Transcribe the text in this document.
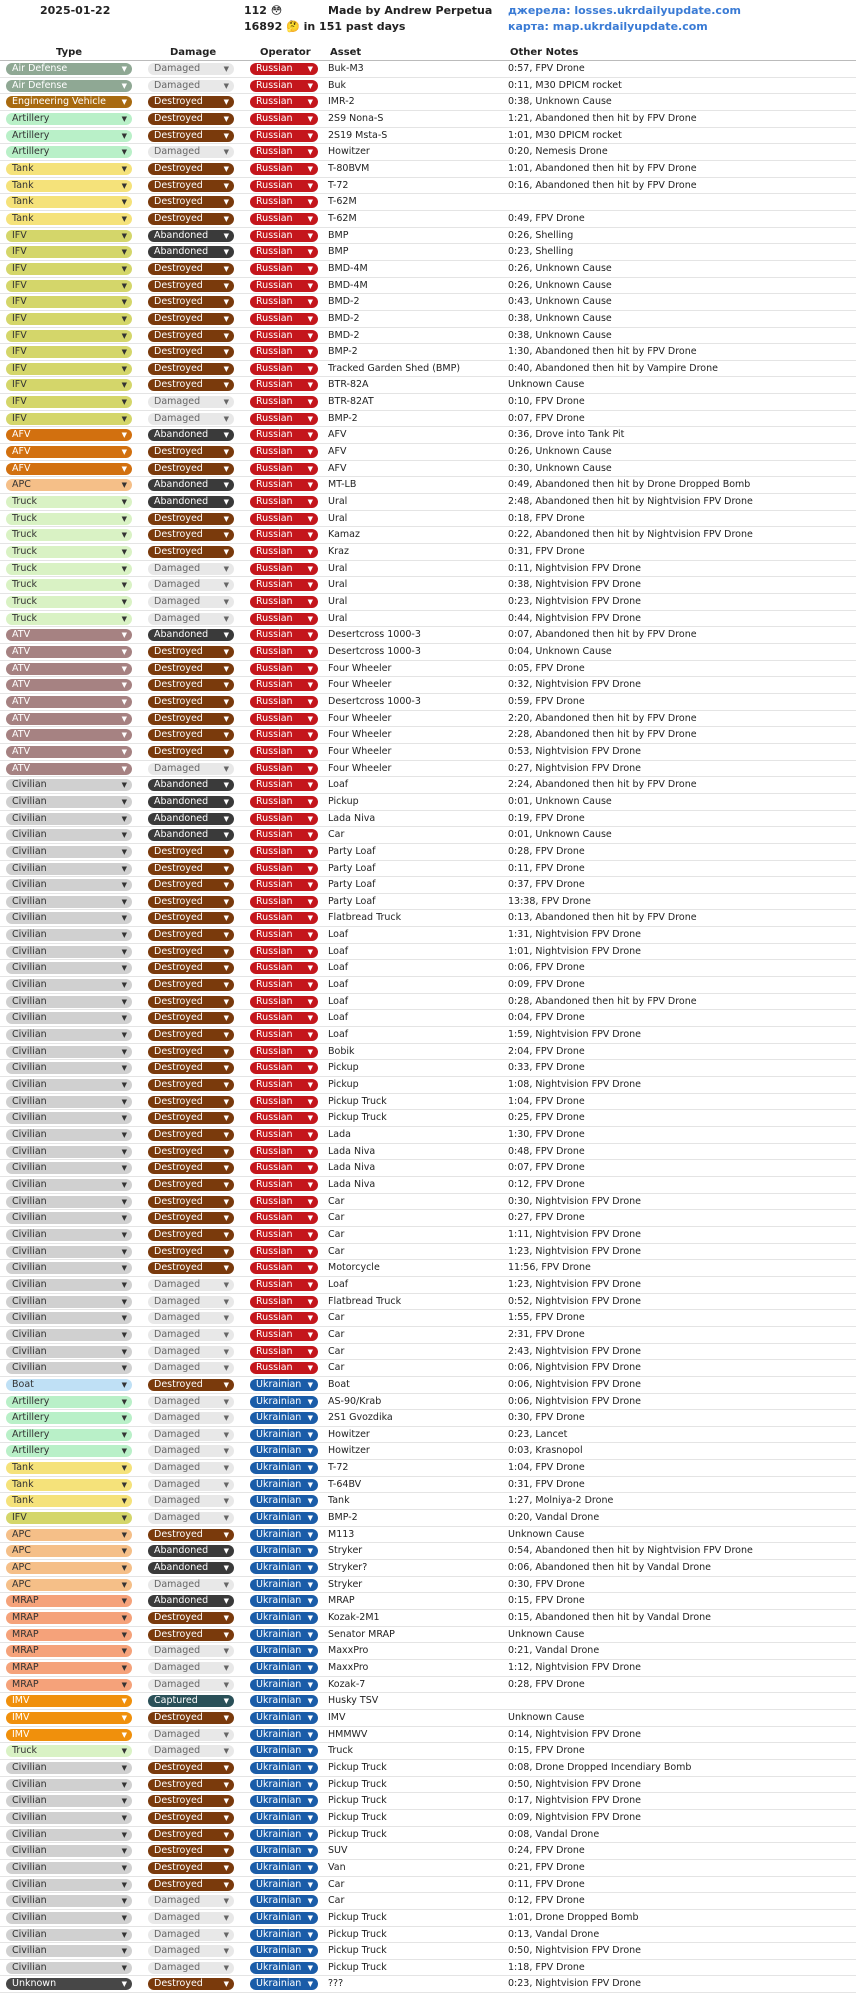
2025-01-22	112 😳
16892 🤔 in 151 past days
Made by Andrew Perpetua джерела: losses.ukrdailyupdate.com
карта: map.ukrdailyupdate.com
Type	Damage	Operator Asset	Other Notes
Air Defense	▼	Damaged	▼	Russian ▼ Buk-M3	0:57, FPV Drone
Air Defense	▼	Damaged	▼	Russian ▼ Buk	0:11, M30 DPICM rocket
Engineering Vehicle ▼	Destroyed	▼	Russian ▼ IMR-2	0:38, Unknown Cause
Artillery	▼	Destroyed	▼	Russian ▼ 2S9 Nona-S	1:21, Abandoned then hit by FPV Drone
Artillery	▼	Destroyed	▼	Russian ▼ 2S19 Msta-S	1:01, M30 DPICM rocket
Artillery	▼	Damaged	▼	Russian ▼ Howitzer	0:20, Nemesis Drone
Tank	▼	Destroyed	▼	Russian ▼ T-80BVM	1:01, Abandoned then hit by FPV Drone
Tank	▼	Destroyed	▼	Russian ▼ T-72	0:16, Abandoned then hit by FPV Drone
Tank	▼	Destroyed	▼	Russian ▼ T-62M
Tank	▼	Destroyed	▼	Russian ▼ T-62M	0:49, FPV Drone
IFV	▼	Abandoned ▼	Russian ▼ BMP	0:26, Shelling
IFV	▼	Abandoned ▼	Russian ▼ BMP	0:23, Shelling
IFV	▼	Destroyed	▼	Russian ▼ BMD-4M	0:26, Unknown Cause
IFV	▼	Destroyed	▼	Russian ▼ BMD-4M	0:26, Unknown Cause
IFV	▼	Destroyed	▼	Russian ▼ BMD-2	0:43, Unknown Cause
IFV	▼	Destroyed	▼	Russian ▼ BMD-2	0:38, Unknown Cause
IFV	▼	Destroyed	▼	Russian ▼ BMD-2	0:38, Unknown Cause
IFV	▼	Destroyed	▼	Russian ▼ BMP-2	1:30, Abandoned then hit by FPV Drone
IFV	▼	Destroyed	▼	Russian ▼ Tracked Garden Shed (BMP)	0:40, Abandoned then hit by Vampire Drone
IFV	▼	Destroyed	▼	Russian ▼ BTR-82A	Unknown Cause
IFV	▼	Damaged	▼	Russian ▼ BTR-82AT	0:10, FPV Drone
IFV	▼	Damaged	▼	Russian ▼ BMP-2	0:07, FPV Drone
AFV	▼	Abandoned ▼	Russian ▼ AFV	0:36, Drove into Tank Pit
AFV	▼	Destroyed	▼	Russian ▼ AFV	0:26, Unknown Cause
AFV	▼	Destroyed	▼	Russian ▼ AFV	0:30, Unknown Cause
APC	▼	Abandoned ▼	Russian ▼ MT-LB	0:49, Abandoned then hit by Drone Dropped Bomb
Truck	▼	Abandoned ▼	Russian ▼ Ural	2:48, Abandoned then hit by Nightvision FPV Drone
Truck	▼	Destroyed	▼	Russian ▼ Ural	0:18, FPV Drone
Truck	▼	Destroyed	▼	Russian ▼ Kamaz	0:22, Abandoned then hit by Nightvision FPV Drone
Truck	▼	Destroyed	▼	Russian ▼ Kraz	0:31, FPV Drone
Truck	▼	Damaged	▼	Russian ▼ Ural	0:11, Nightvision FPV Drone
Truck	▼	Damaged	▼	Russian ▼ Ural	0:38, Nightvision FPV Drone
Truck	▼	Damaged	▼	Russian ▼ Ural	0:23, Nightvision FPV Drone
Truck	▼	Damaged	▼	Russian ▼ Ural	0:44, Nightvision FPV Drone
ATV	▼	Abandoned ▼	Russian ▼ Desertcross 1000-3	0:07, Abandoned then hit by FPV Drone
ATV	▼	Destroyed	▼	Russian ▼ Desertcross 1000-3	0:04, Unknown Cause
ATV	▼	Destroyed	▼	Russian ▼ Four Wheeler	0:05, FPV Drone
ATV	▼	Destroyed	▼	Russian ▼ Four Wheeler	0:32, Nightvision FPV Drone
ATV	▼	Destroyed	▼	Russian ▼ Desertcross 1000-3	0:59, FPV Drone
ATV	▼	Destroyed	▼	Russian ▼ Four Wheeler	2:20, Abandoned then hit by FPV Drone
ATV	▼	Destroyed	▼	Russian ▼ Four Wheeler	2:28, Abandoned then hit by FPV Drone
ATV	▼	Destroyed	▼	Russian ▼ Four Wheeler	0:53, Nightvision FPV Drone
ATV	▼	Damaged	▼	Russian ▼ Four Wheeler	0:27, Nightvision FPV Drone
Civilian	▼	Abandoned ▼	Russian ▼ Loaf	2:24, Abandoned then hit by FPV Drone
Civilian	▼	Abandoned ▼	Russian ▼ Pickup	0:01, Unknown Cause
Civilian	▼	Abandoned ▼	Russian ▼ Lada Niva	0:19, FPV Drone
Civilian	▼	Abandoned ▼	Russian ▼ Car	0:01, Unknown Cause
Civilian	▼	Destroyed	▼	Russian ▼ Party Loaf	0:28, FPV Drone
Civilian	▼	Destroyed	▼	Russian ▼ Party Loaf	0:11, FPV Drone
Civilian	▼	Destroyed	▼	Russian ▼ Party Loaf	0:37, FPV Drone
Civilian	▼	Destroyed	▼	Russian ▼ Party Loaf	13:38, FPV Drone
Civilian	▼	Destroyed	▼	Russian ▼ Flatbread Truck	0:13, Abandoned then hit by FPV Drone
Civilian	▼	Destroyed	▼	Russian ▼ Loaf	1:31, Nightvision FPV Drone
Civilian	▼	Destroyed	▼	Russian ▼ Loaf	1:01, Nightvision FPV Drone
Civilian	▼	Destroyed	▼	Russian ▼ Loaf	0:06, FPV Drone
Civilian	▼	Destroyed	▼	Russian ▼ Loaf	0:09, FPV Drone
Civilian	▼	Destroyed	▼	Russian ▼ Loaf	0:28, Abandoned then hit by FPV Drone
Civilian	▼	Destroyed	▼	Russian ▼ Loaf	0:04, FPV Drone
Civilian	▼	Destroyed	▼	Russian ▼ Loaf	1:59, Nightvision FPV Drone
Civilian	▼	Destroyed	▼	Russian ▼ Bobik	2:04, FPV Drone
Civilian	▼	Destroyed	▼	Russian ▼ Pickup	0:33, FPV Drone
Civilian	▼	Destroyed	▼	Russian ▼ Pickup	1:08, Nightvision FPV Drone
Civilian	▼	Destroyed	▼	Russian ▼ Pickup Truck	1:04, FPV Drone
Civilian	▼	Destroyed	▼	Russian ▼ Pickup Truck	0:25, FPV Drone
Civilian	▼	Destroyed	▼	Russian ▼ Lada	1:30, FPV Drone
Civilian	▼	Destroyed	▼	Russian ▼ Lada Niva	0:48, FPV Drone
Civilian	▼	Destroyed	▼	Russian ▼ Lada Niva	0:07, FPV Drone
Civilian	▼	Destroyed	▼	Russian ▼ Lada Niva	0:12, FPV Drone
Civilian	▼	Destroyed	▼	Russian ▼ Car	0:30, Nightvision FPV Drone
Civilian	▼	Destroyed	▼	Russian ▼ Car	0:27, FPV Drone
Civilian	▼	Destroyed	▼	Russian ▼ Car	1:11, Nightvision FPV Drone
Civilian	▼	Destroyed	▼	Russian ▼ Car	1:23, Nightvision FPV Drone
Civilian	▼	Destroyed	▼	Russian ▼ Motorcycle	11:56, FPV Drone
Civilian	▼	Damaged	▼	Russian ▼ Loaf	1:23, Nightvision FPV Drone
Civilian	▼	Damaged	▼	Russian ▼ Flatbread Truck	0:52, Nightvision FPV Drone
Civilian	▼	Damaged	▼	Russian ▼ Car	1:55, FPV Drone
Civilian	▼	Damaged	▼	Russian ▼ Car	2:31, FPV Drone
Civilian	▼	Damaged	▼	Russian ▼ Car	2:43, Nightvision FPV Drone
Civilian	▼	Damaged	▼	Russian ▼ Car	0:06, Nightvision FPV Drone
Boat	▼	Destroyed	▼	Ukrainian ▼ Boat	0:06, Nightvision FPV Drone
Artillery	▼	Damaged	▼	Ukrainian ▼ AS-90/Krab	0:06, Nightvision FPV Drone
Artillery	▼	Damaged	▼	Ukrainian ▼ 2S1 Gvozdika	0:30, FPV Drone
Artillery	▼	Damaged	▼	Ukrainian ▼ Howitzer	0:23, Lancet
Artillery	▼	Damaged	▼	Ukrainian ▼ Howitzer	0:03, Krasnopol
Tank	▼	Damaged	▼	Ukrainian ▼ T-72	1:04, FPV Drone
Tank	▼	Damaged	▼	Ukrainian ▼ T-64BV	0:31, FPV Drone
Tank	▼	Damaged	▼	Ukrainian ▼ Tank	1:27, Molniya-2 Drone
IFV	▼	Damaged	▼	Ukrainian ▼ BMP-2	0:20, Vandal Drone
APC	▼	Destroyed	▼	Ukrainian ▼ M113	Unknown Cause
APC	▼	Abandoned ▼	Ukrainian ▼ Stryker	0:54, Abandoned then hit by Nightvision FPV Drone
APC	▼	Abandoned ▼	Ukrainian ▼ Stryker?	0:06, Abandoned then hit by Vandal Drone
APC	▼	Damaged	▼	Ukrainian ▼ Stryker	0:30, FPV Drone
MRAP	▼	Abandoned ▼	Ukrainian ▼ MRAP	0:15, FPV Drone
MRAP	▼	Destroyed	▼	Ukrainian ▼ Kozak-2M1	0:15, Abandoned then hit by Vandal Drone
MRAP	▼	Destroyed	▼	Ukrainian ▼ Senator MRAP	Unknown Cause
MRAP	▼	Damaged	▼	Ukrainian ▼ MaxxPro	0:21, Vandal Drone
MRAP	▼	Damaged	▼	Ukrainian ▼ MaxxPro	1:12, Nightvision FPV Drone
MRAP	▼	Damaged	▼	Ukrainian ▼ Kozak-7	0:28, FPV Drone
IMV	▼	Captured	▼	Ukrainian ▼ Husky TSV
IMV	▼	Destroyed	▼	Ukrainian ▼ IMV	Unknown Cause
IMV	▼	Damaged	▼	Ukrainian ▼ HMMWV	0:14, Nightvision FPV Drone
Truck	▼	Damaged	▼	Ukrainian ▼ Truck	0:15, FPV Drone
Civilian	▼	Destroyed	▼	Ukrainian ▼ Pickup Truck	0:08, Drone Dropped Incendiary Bomb
Civilian	▼	Destroyed	▼	Ukrainian ▼ Pickup Truck	0:50, Nightvision FPV Drone
Civilian	▼	Destroyed	▼	Ukrainian ▼ Pickup Truck	0:17, Nightvision FPV Drone
Civilian	▼	Destroyed	▼	Ukrainian ▼ Pickup Truck	0:09, Nightvision FPV Drone
Civilian	▼	Destroyed	▼	Ukrainian ▼ Pickup Truck	0:08, Vandal Drone
Civilian	▼	Destroyed	▼	Ukrainian ▼ SUV	0:24, FPV Drone
Civilian	▼	Destroyed	▼	Ukrainian ▼ Van	0:21, FPV Drone
Civilian	▼	Destroyed	▼	Ukrainian ▼ Car	0:11, FPV Drone
Civilian	▼	Damaged	▼	Ukrainian ▼ Car	0:12, FPV Drone
Civilian	▼	Damaged	▼	Ukrainian ▼ Pickup Truck	1:01, Drone Dropped Bomb
Civilian	▼	Damaged	▼	Ukrainian ▼ Pickup Truck	0:13, Vandal Drone
Civilian	▼	Damaged	▼	Ukrainian ▼ Pickup Truck	0:50, Nightvision FPV Drone
Civilian	▼	Damaged	▼	Ukrainian ▼ Pickup Truck	1:18, FPV Drone
Unknown	▼	Destroyed	▼	Ukrainian ▼ ???	0:23, Nightvision FPV Drone
